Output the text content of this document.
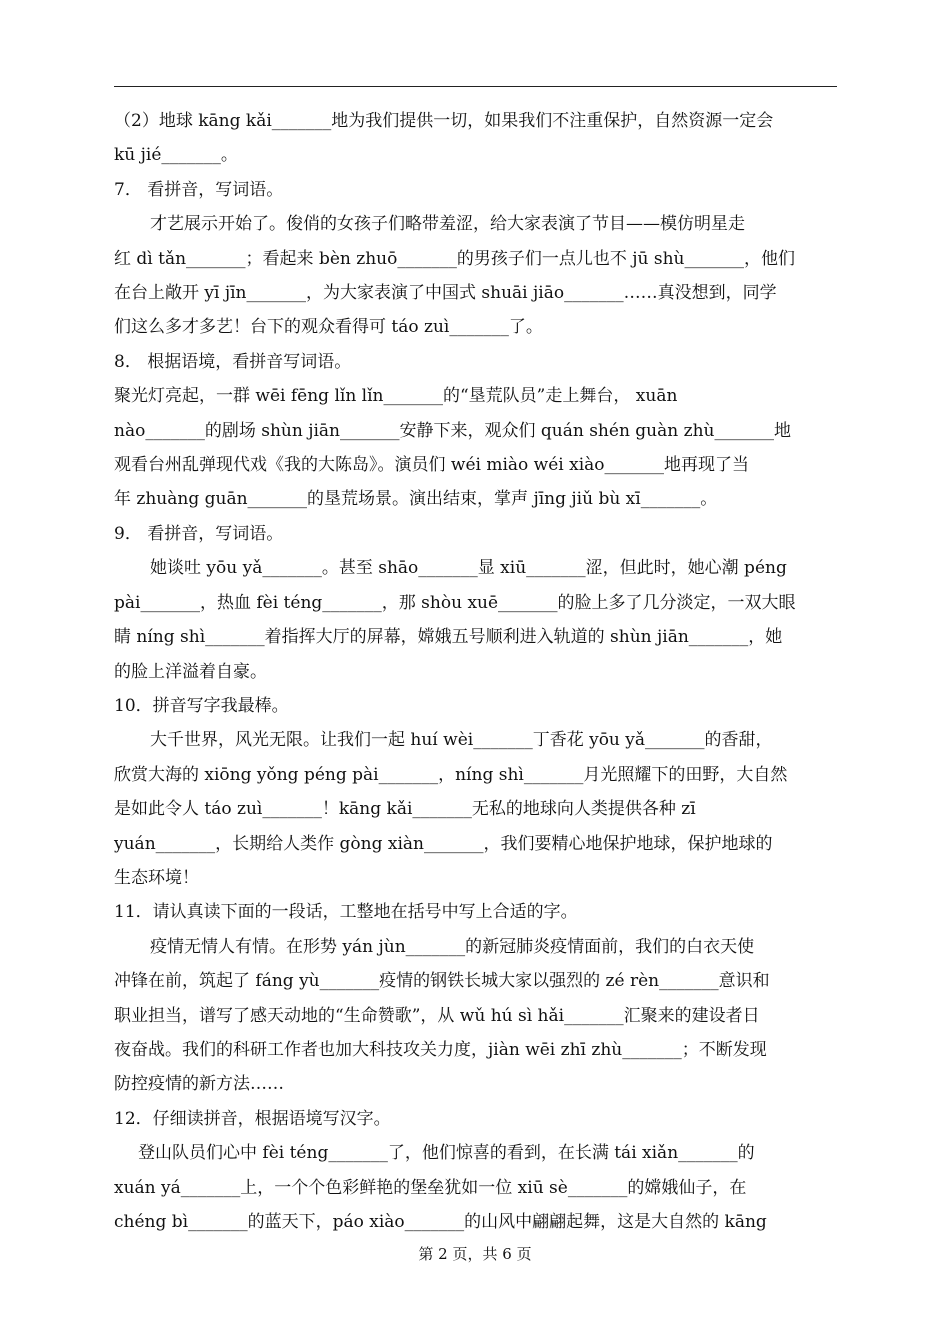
（2）地球 kāng kǎi_______地为我们提供一切，如果我们不注重保护，自然资源一定会

kū jié_______。

7． 看拼音，写词语。

才艺展示开始了。俊俏的女孩子们略带羞涩，给大家表演了节目——模仿明星走

红 dì tǎn_______；看起来 bèn zhuō_______的男孩子们一点儿也不 jū shù_______，他们

在台上敞开 yī jīn_______，为大家表演了中国式 shuāi jiāo_______……真没想到，同学

们这么多才多艺！台下的观众看得可 táo zuì_______了。

8． 根据语境，看拼音写词语。

聚光灯亮起，一群 wēi fēng lǐn lǐn_______的“垦荒队员”走上舞台， xuān

nào_______的剧场 shùn jiān_______安静下来，观众们 quán shén guàn zhù_______地

观看台州乱弹现代戏《我的大陈岛》。演员们 wéi miào wéi xiào_______地再现了当

年 zhuàng guān_______的垦荒场景。演出结束，掌声 jīng jiǔ bù xī_______。

9． 看拼音，写词语。

她谈吐 yōu yǎ_______。甚至 shāo_______显 xiū_______涩，但此时，她心潮 péng

pài_______，热血 fèi téng_______，那 shòu xuē_______的脸上多了几分淡定，一双大眼

睛 níng shì_______着指挥大厅的屏幕，嫦娥五号顺利进入轨道的 shùn jiān_______，她

的脸上洋溢着自豪。

10．拼音写字我最棒。

大千世界，风光无限。让我们一起 huí wèi_______丁香花 yōu yǎ_______的香甜，

欣赏大海的 xiōng yǒng péng pài_______，níng shì_______月光照耀下的田野，大自然

是如此令人 táo zuì_______！kāng kǎi_______无私的地球向人类提供各种 zī

yuán_______，长期给人类作 gòng xiàn_______，我们要精心地保护地球，保护地球的

生态环境！

11．请认真读下面的一段话，工整地在括号中写上合适的字。

疫情无情人有情。在形势 yán jùn_______的新冠肺炎疫情面前，我们的白衣天使

冲锋在前，筑起了 fáng yù_______疫情的钢铁长城大家以强烈的 zé rèn_______意识和

职业担当，谱写了感天动地的“生命赞歌”，从 wǔ hú sì hǎi_______汇聚来的建设者日

夜奋战。我们的科研工作者也加大科技攻关力度，jiàn wēi zhī zhù_______；不断发现

防控疫情的新方法……

12．仔细读拼音，根据语境写汉字。

登山队员们心中 fèi téng_______了，他们惊喜的看到，在长满 tái xiǎn_______的

xuán yá_______上，一个个色彩鲜艳的堡垒犹如一位 xiū sè_______的嫦娥仙子，在

chéng bì_______的蓝天下，páo xiào_______的山风中翩翩起舞，这是大自然的 kāng

第 2 页，共 6 页
